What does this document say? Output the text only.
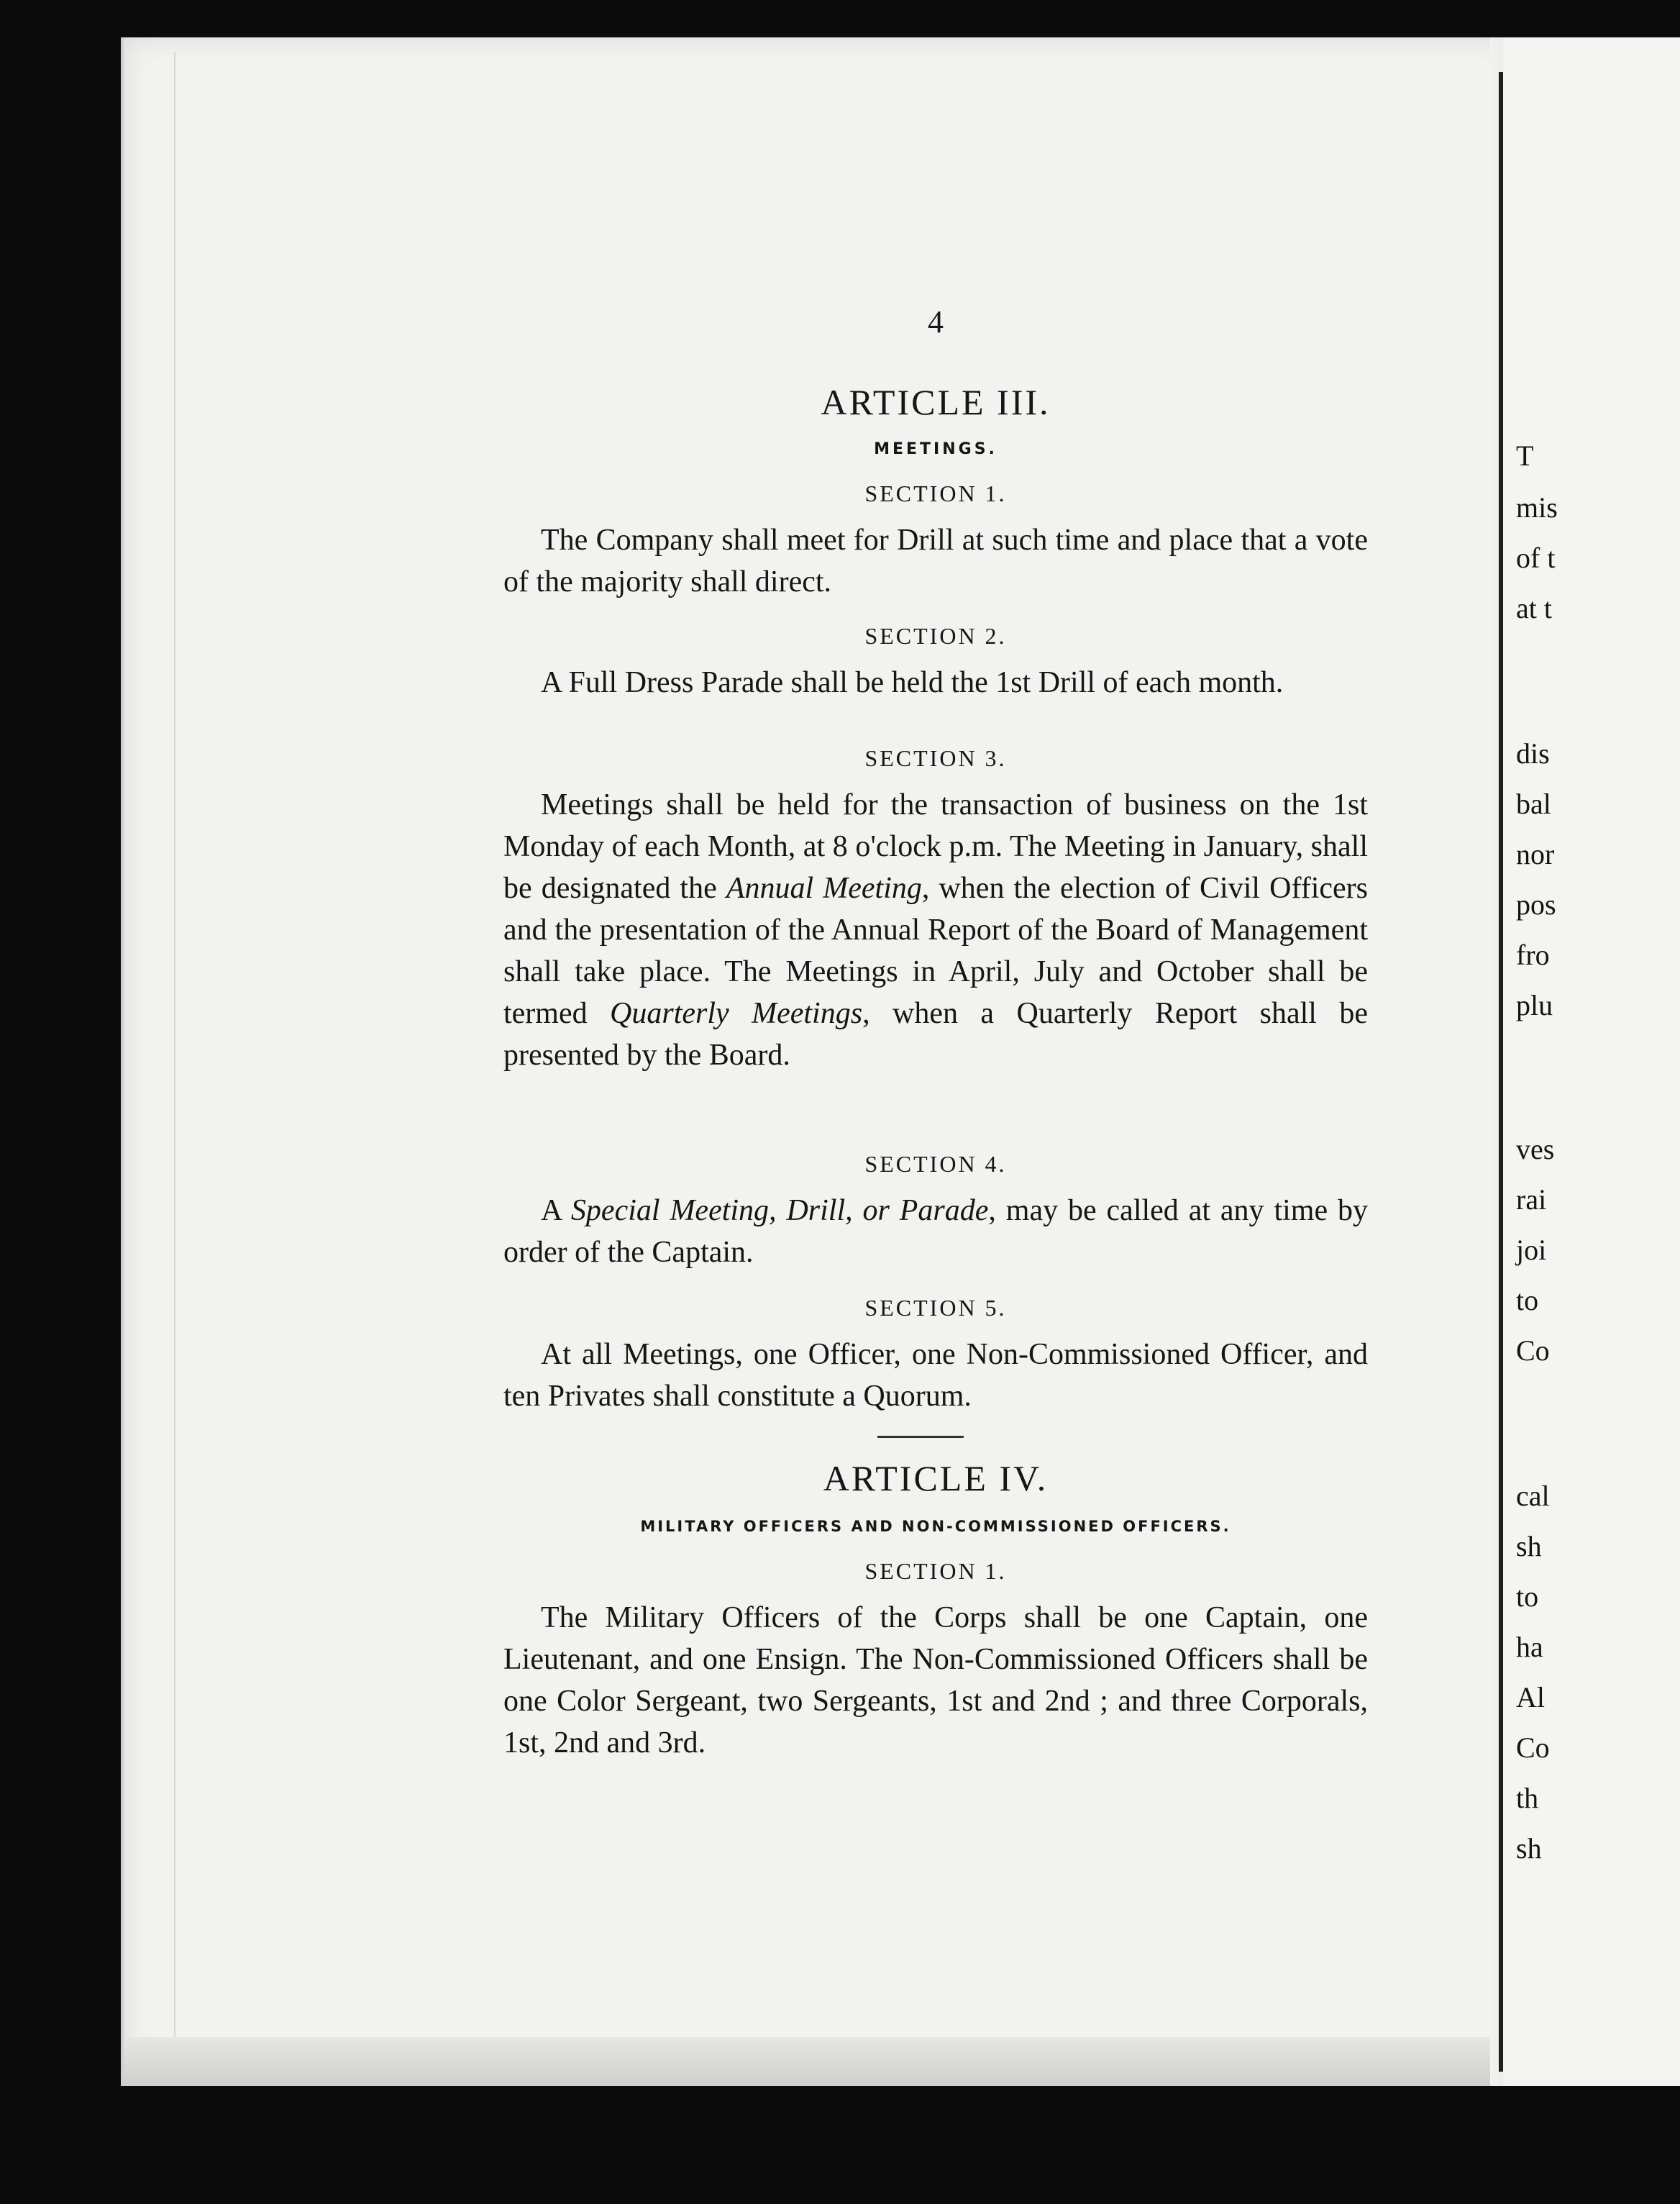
T
mis
of t
at t
dis
bal
nor
pos
fro
plu
ves
rai
joi
to
Co
cal
sh
to
ha
Al
Co
th
sh
4
ARTICLE III.
MEETINGS.
SECTION 1.

The Company shall meet for Drill at such time and place that a vote of the majority shall direct.

SECTION 2.

A Full Dress Parade shall be held the 1st Drill of each month.

SECTION 3.

Meetings shall be held for the transaction of business on the 1st Monday of each Month, at 8 o'clock p.m. The Meeting in January, shall be designated the Annual Meeting, when the election of Civil Officers and the presentation of the Annual Report of the Board of Management shall take place. The Meetings in April, July and October shall be termed Quarterly Meetings, when a Quarterly Report shall be presented by the Board.

SECTION 4.

A Special Meeting, Drill, or Parade, may be called at any time by order of the Captain.

SECTION 5.

At all Meetings, one Officer, one Non-Commissioned Officer, and ten Privates shall constitute a Quorum.

ARTICLE IV.
MILITARY OFFICERS AND NON-COMMISSIONED OFFICERS.
SECTION 1.

The Military Officers of the Corps shall be one Captain, one Lieutenant, and one Ensign. The Non-Commissioned Officers shall be one Color Sergeant, two Sergeants, 1st and 2nd ; and three Corporals, 1st, 2nd and 3rd.
